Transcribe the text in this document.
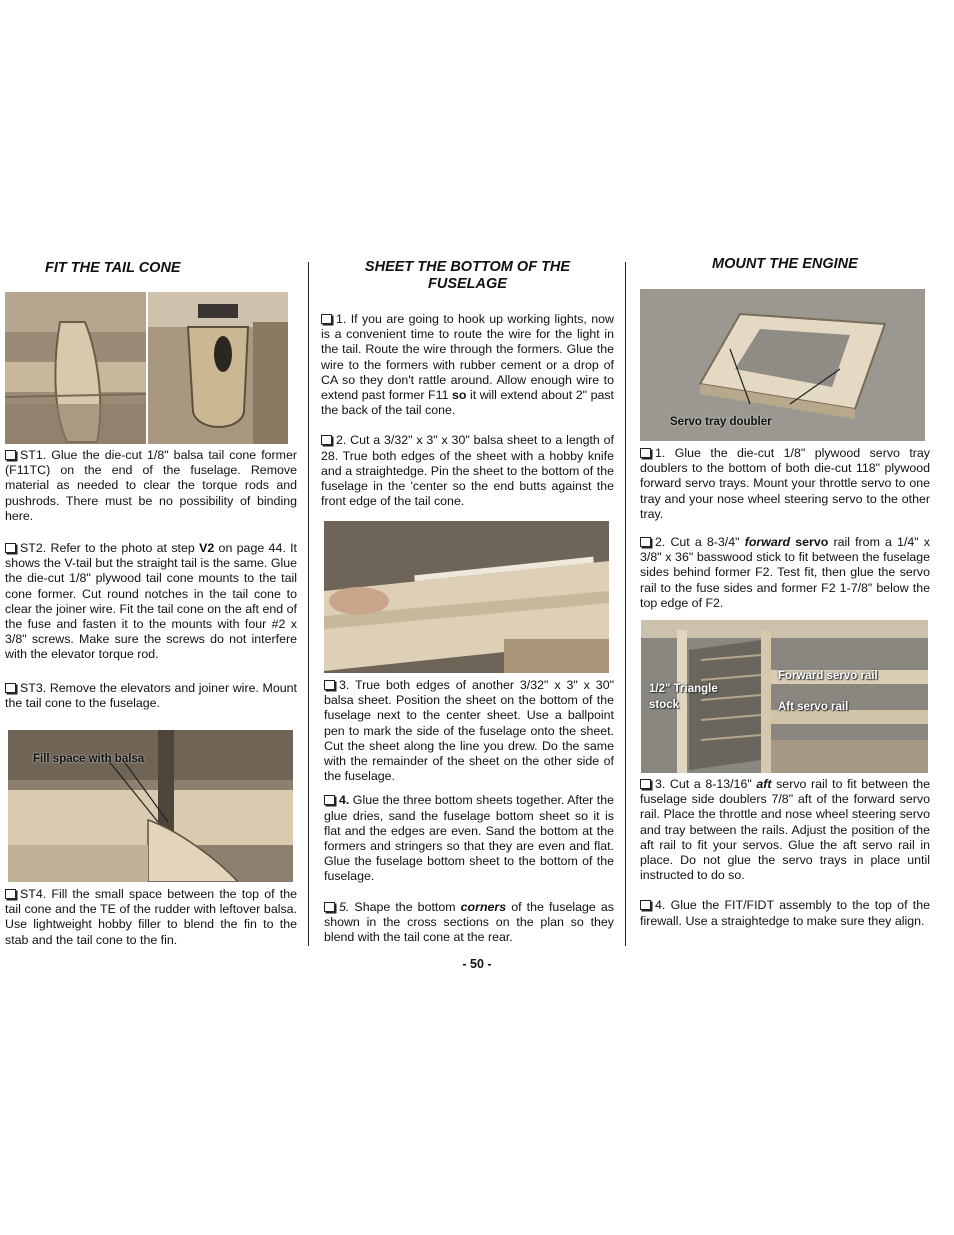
FIT THE TAIL CONE

ST1. Glue the die-cut 1/8" balsa tail cone former (F11TC) on the end of the fuselage. Remove material as needed to clear the torque rods and pushrods. There must be no possibility of binding here.

ST2. Refer to the photo at step V2 on page 44. It shows the V-tail but the straight tail is the same. Glue the die-cut 1/8" plywood tail cone mounts to the tail cone former. Cut round notches in the tail cone to clear the joiner wire. Fit the tail cone on the aft end of the fuse and fasten it to the mounts with four #2 x 3/8" screws. Make sure the screws do not interfere with the elevator torque rod.

ST3. Remove the elevators and joiner wire. Mount the tail cone to the fuselage.

Fill space with balsa

ST4. Fill the small space between the top of the tail cone and the TE of the rudder with leftover balsa. Use lightweight hobby filler to blend the fin to the stab and the tail cone to the fin.

SHEET THE BOTTOM OF THE
FUSELAGE

1. If you are going to hook up working lights, now is a convenient time to route the wire for the light in the tail. Route the wire through the formers. Glue the wire to the formers with rubber cement or a drop of CA so they don't rattle around. Allow enough wire to extend past former F11 so it will extend about 2" past the back of the tail cone.

2. Cut a 3/32" x 3" x 30" balsa sheet to a length of 28. True both edges of the sheet with a hobby knife and a straightedge. Pin the sheet to the bottom of the fuselage in the 'center so the end butts against the front edge of the tail cone.

3. True both edges of another 3/32" x 3" x 30" balsa sheet. Position the sheet on the bottom of the fuselage next to the center sheet. Use a ballpoint pen to mark the side of the fuselage onto the sheet. Cut the sheet along the line you drew. Do the same with the remainder of the sheet on the other side of the fuselage.

4. Glue the three bottom sheets together. After the glue dries, sand the fuselage bottom sheet so it is flat and the edges are even. Sand the bottom at the formers and stringers so that they are even and flat. Glue the fuselage bottom sheet to the bottom of the fuselage.

5. Shape the bottom corners of the fuselage as shown in the cross sections on the plan so they blend with the tail cone at the rear.

MOUNT THE ENGINE
Servo tray doubler

1. Glue the die-cut 1/8" plywood servo tray doublers to the bottom of both die-cut 118" plywood forward servo trays. Mount your throttle servo to one tray and your nose wheel steering servo to the other tray.

2. Cut a 8-3/4" forward servo rail from a 1/4" x 3/8" x 36" basswood stick to fit between the fuselage sides behind former F2. Test fit, then glue the servo rail to the fuse sides and former F2 1-7/8" below the top edge of F2.

1/2" Triangle
stock
Forward servo rail
Aft servo rail

3. Cut a 8-13/16" aft servo rail to fit between the fuselage side doublers 7/8" aft of the forward servo rail. Place the throttle and nose wheel steering servo and tray between the rails. Adjust the position of the aft rail to fit your servos. Glue the aft servo rail in place. Do not glue the servo trays in place until instructed to do so.

4. Glue the FIT/FIDT assembly to the top of the firewall. Use a straightedge to make sure they align.

- 50 -
